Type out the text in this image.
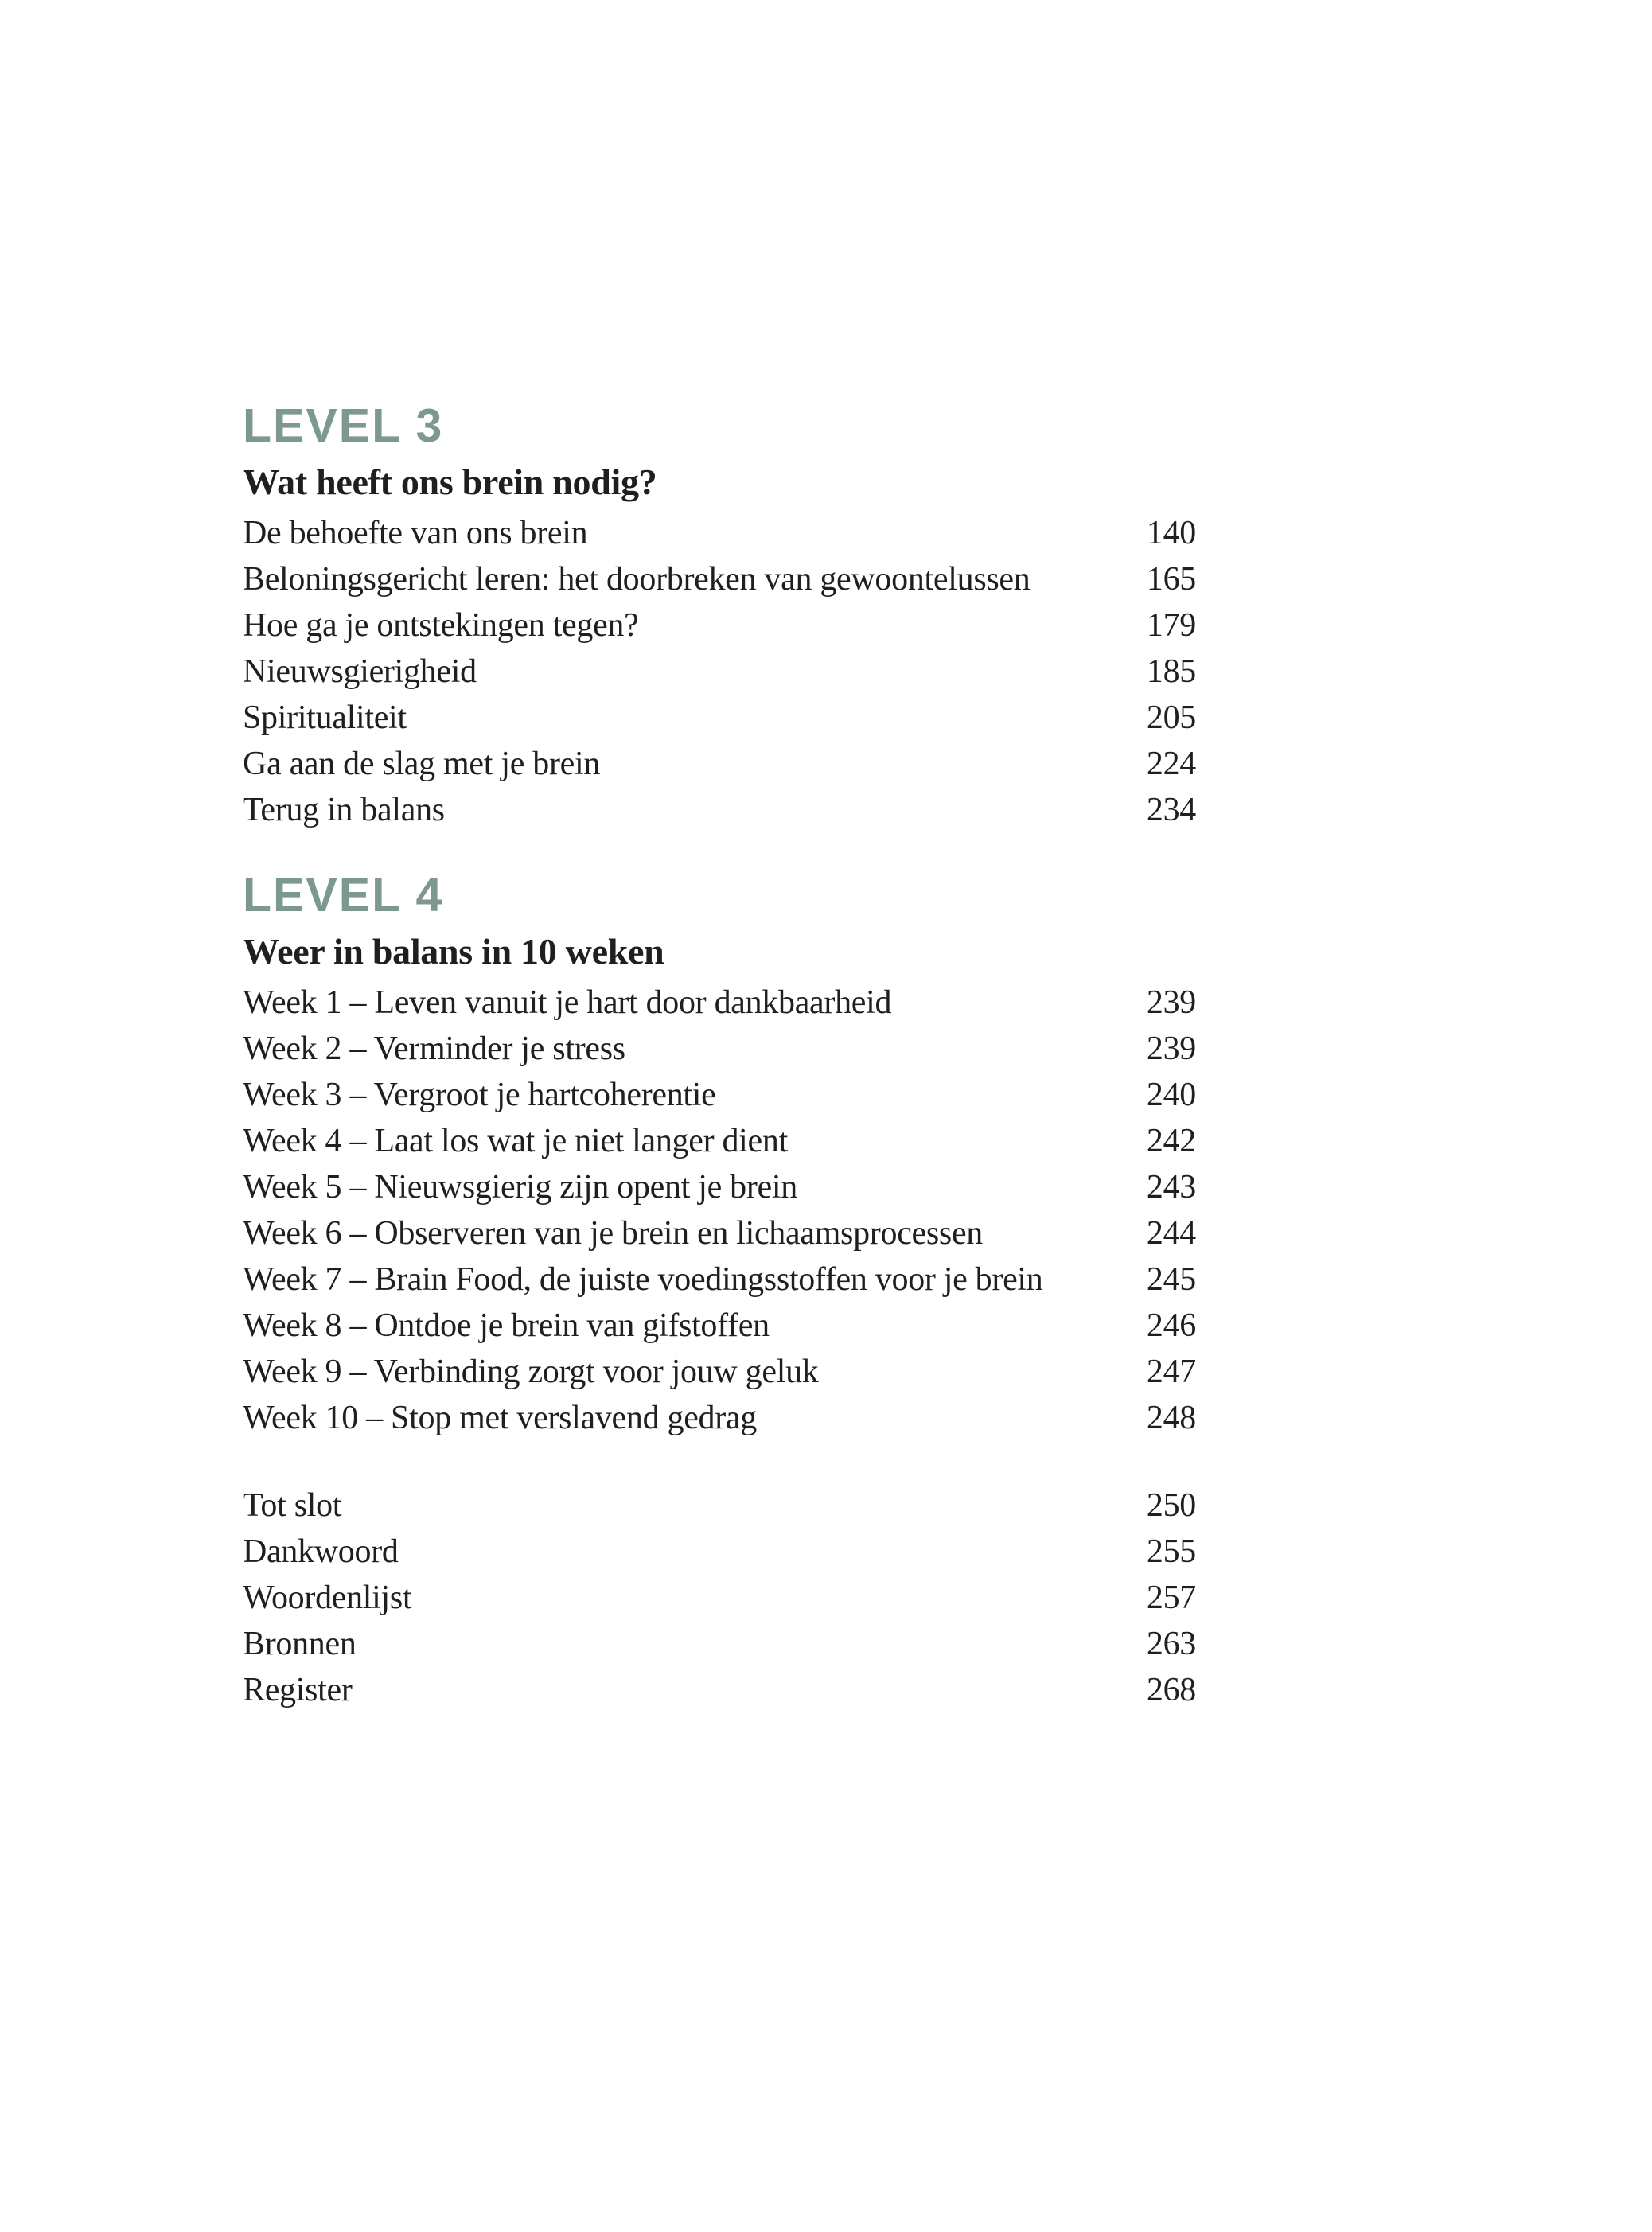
LEVEL 3
Wat heeft ons brein nodig?
De behoefte van ons brein	140
Beloningsgericht leren: het doorbreken van gewoontelussen	165
Hoe ga je ontstekingen tegen?	179
Nieuwsgierigheid	185
Spiritualiteit	205
Ga aan de slag met je brein	224
Terug in balans	234
LEVEL 4
Weer in balans in 10 weken
Week 1 – Leven vanuit je hart door dankbaarheid	239
Week 2 – Verminder je stress	239
Week 3 – Vergroot je hartcoherentie	240
Week 4 – Laat los wat je niet langer dient	242
Week 5 – Nieuwsgierig zijn opent je brein	243
Week 6 – Observeren van je brein en lichaamsprocessen	244
Week 7 – Brain Food, de juiste voedingsstoffen voor je brein	245
Week 8 – Ontdoe je brein van gifstoffen	246
Week 9 – Verbinding zorgt voor jouw geluk	247
Week 10 – Stop met verslavend gedrag	248
Tot slot	250
Dankwoord	255
Woordenlijst	257
Bronnen	263
Register	268
